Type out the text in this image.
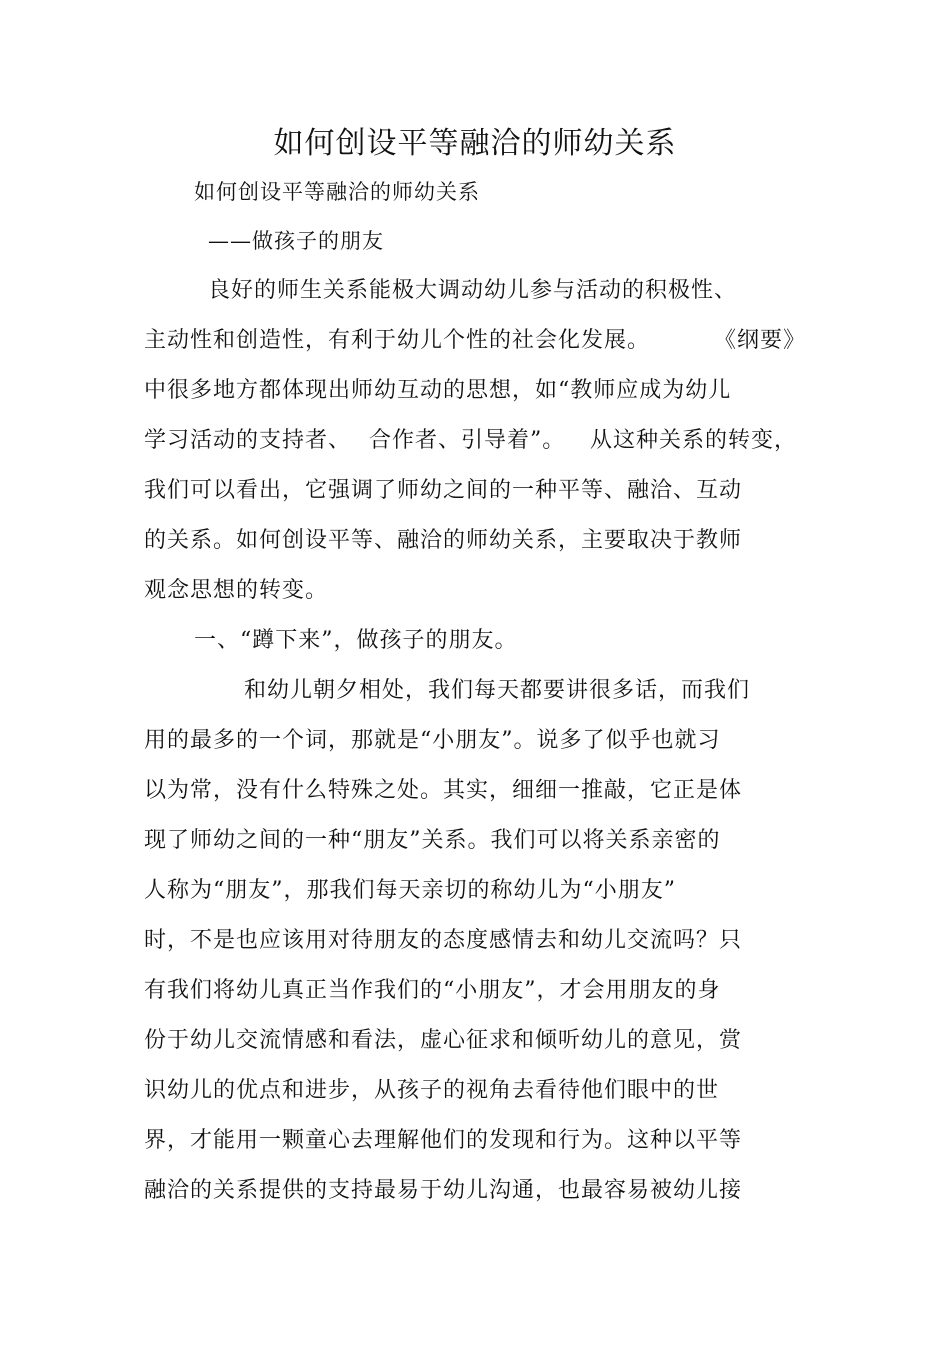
如何创设平等融洽的师幼关系
如何创设平等融洽的师幼关系
——做孩子的朋友
良好的师生关系能极大调动幼儿参与活动的积极性、
主动性和创造性，有利于幼儿个性的社会化发展。	《纲要》
中很多地方都体现出师幼互动的思想，如“教师应成为幼儿
学习活动的支持者、 合作者、引导着”。 从这种关系的转变，
我们可以看出，它强调了师幼之间的一种平等、融洽、互动
的关系。如何创设平等、融洽的师幼关系，主要取决于教师
观念思想的转变。
一、“蹲下来”，做孩子的朋友。
和幼儿朝夕相处，我们每天都要讲很多话，而我们
用的最多的一个词，那就是“小朋友”。说多了似乎也就习
以为常，没有什么特殊之处。其实，细细一推敲，它正是体
现了师幼之间的一种“朋友”关系。我们可以将关系亲密的
人称为“朋友”，那我们每天亲切的称幼儿为“小朋友”
时，不是也应该用对待朋友的态度感情去和幼儿交流吗？只
有我们将幼儿真正当作我们的“小朋友”，才会用朋友的身
份于幼儿交流情感和看法，虚心征求和倾听幼儿的意见，赏
识幼儿的优点和进步，从孩子的视角去看待他们眼中的世
界，才能用一颗童心去理解他们的发现和行为。这种以平等
融洽的关系提供的支持最易于幼儿沟通，也最容易被幼儿接
